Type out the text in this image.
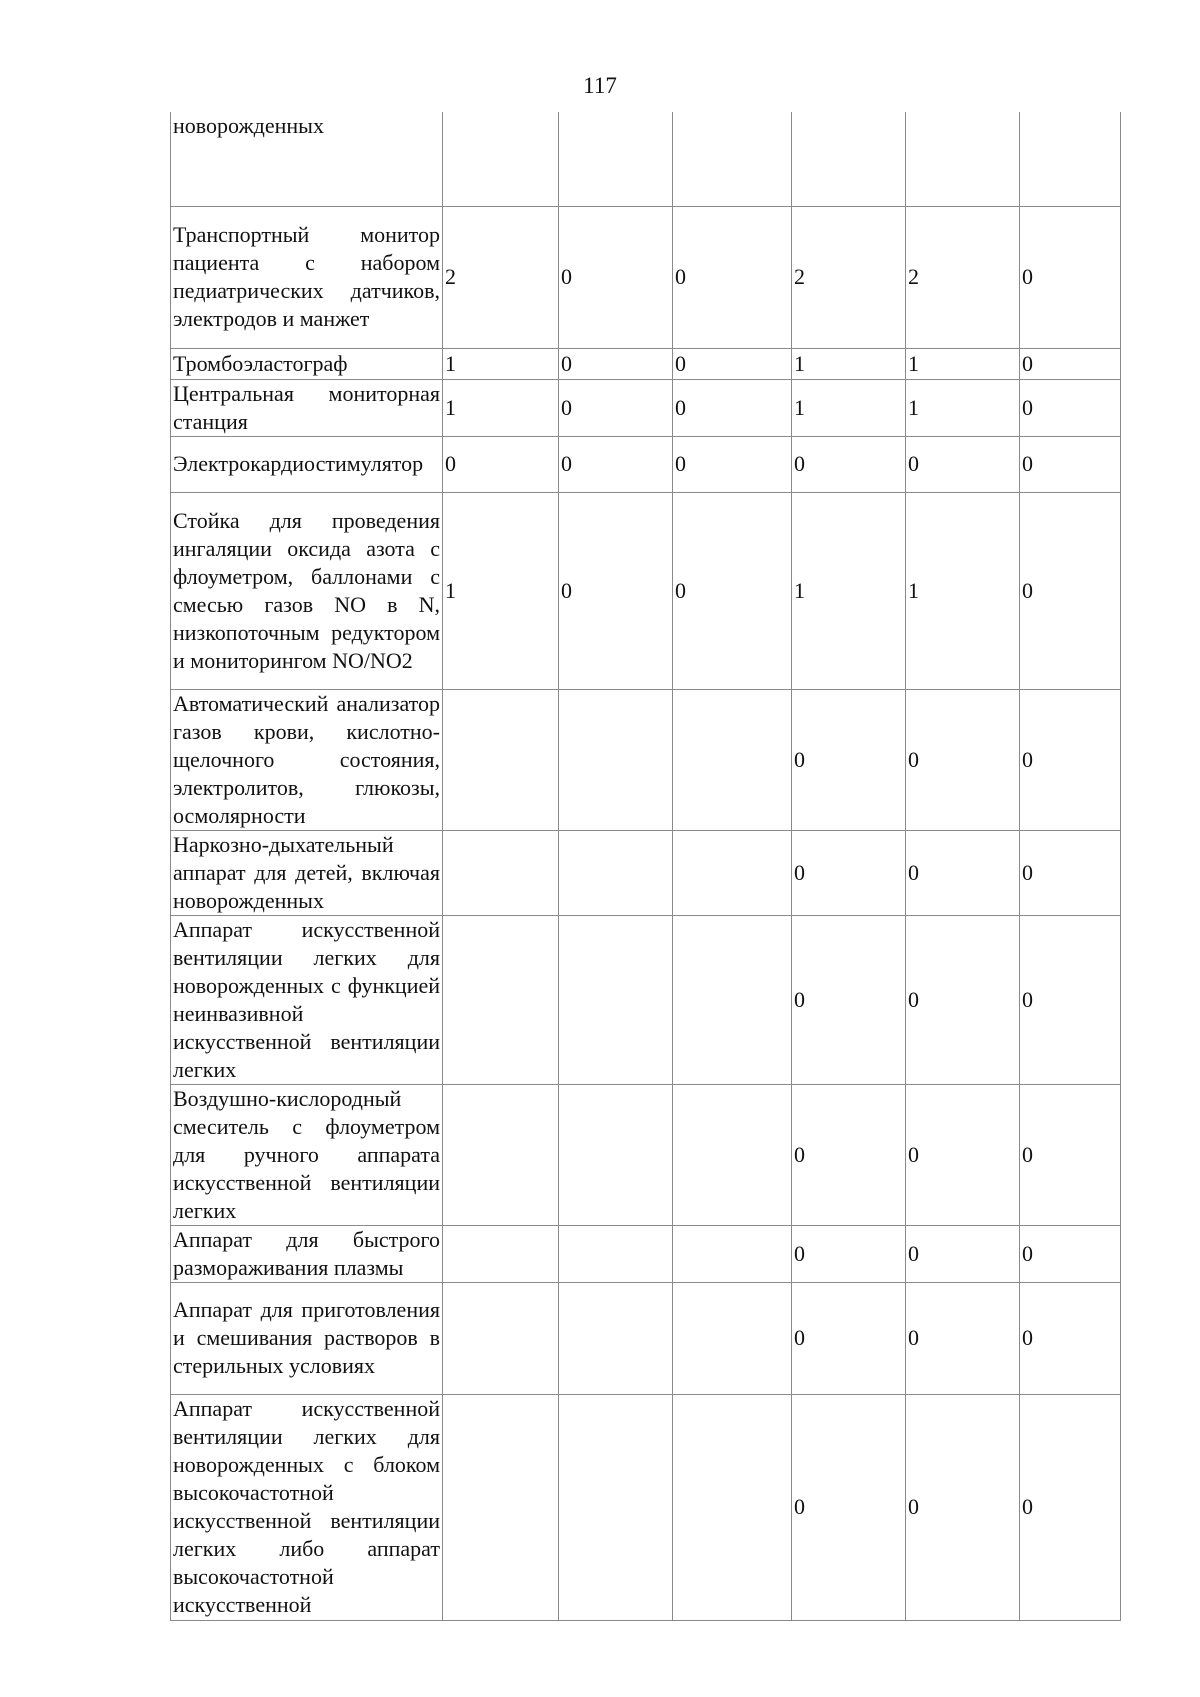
117
новорожденных						
Транспортный монитор пациента с набором педиатрических датчиков, электродов и манжет	2	0	0	2	2	0
Тромбоэластограф	1	0	0	1	1	0
Центральная мониторная станция	1	0	0	1	1	0
Электрокардиостимулятор	0	0	0	0	0	0
Стойка для проведения ингаляции оксида азота с флоуметром, баллонами с смесью газов NO в N, низкопоточным редуктором и мониторингом NO/NO2	1	0	0	1	1	0
Автоматический анализатор газов крови, кислотно-щелочного состояния, электролитов, глюкозы, осмолярности				0	0	0
Наркозно-дыхательный аппарат для детей, включая новорожденных				0	0	0
Аппарат искусственной вентиляции легких для новорожденных с функцией неинвазивной искусственной вентиляции легких				0	0	0
Воздушно-кислородный смеситель с флоуметром для ручного аппарата искусственной вентиляции легких				0	0	0
Аппарат для быстрого размораживания плазмы				0	0	0
Аппарат для приготовления и смешивания растворов в стерильных условиях				0	0	0
Аппарат искусственной вентиляции легких для новорожденных с блоком высокочастотной искусственной вентиляции легких либо аппарат высокочастотной искусственной				0	0	0
